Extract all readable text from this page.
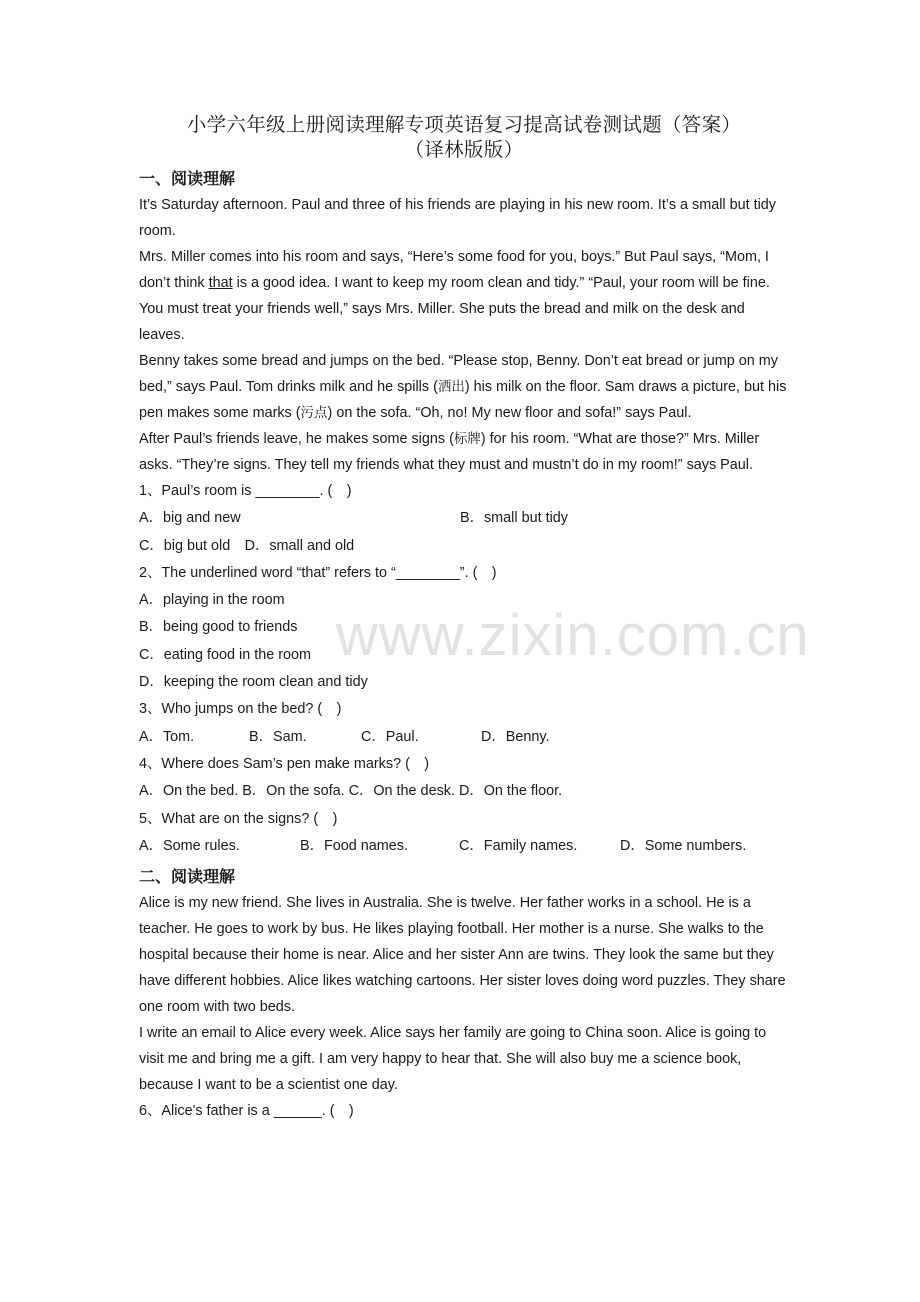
www.zixin.com.cn
小学六年级上册阅读理解专项英语复习提高试卷测试题（答案）
（译林版版）
一、阅读理解

It’s Saturday afternoon. Paul and three of his friends are playing in his new room. It’s a small but tidy room.

Mrs. Miller comes into his room and says, “Here’s some food for you, boys.” But Paul says, “Mom, I don’t think that is a good idea. I want to keep my room clean and tidy.” “Paul, your room will be fine. You must treat your friends well,” says Mrs. Miller. She puts the bread and milk on the desk and leaves.

Benny takes some bread and jumps on the bed. “Please stop, Benny. Don’t eat bread or jump on my bed,” says Paul. Tom drinks milk and he spills (洒出) his milk on the floor. Sam draws a picture, but his pen makes some marks (污点) on the sofa. “Oh, no! My new floor and sofa!” says Paul.

After Paul’s friends leave, he makes some signs (标牌) for his room. “What are those?” Mrs. Miller asks. “They’re signs. They tell my friends what they must and mustn’t do in my room!” says Paul.

1、Paul’s room is ________. (　)

A．big and new	B．small but tidy

C．big but old　D．small and old

2、The underlined word “that” refers to “________”. (　)

A．playing in the room

B．being good to friends

C．eating food in the room

D．keeping the room clean and tidy

3、Who jumps on the bed? (　)

A．Tom.	B．Sam.	C．Paul.	D．Benny.

4、Where does Sam’s pen make marks? (　)

A．On the bed. B．On the sofa. C．On the desk. D．On the floor.

5、What are on the signs? (　)

A．Some rules.	B．Food names.	C．Family names.	D．Some numbers.
二、阅读理解

Alice is my new friend. She lives in Australia. She is twelve. Her father works in a school. He is a teacher. He goes to work by bus. He likes playing football. Her mother is a nurse. She walks to the hospital because their home is near. Alice and her sister Ann are twins. They look the same but they have different hobbies. Alice likes watching cartoons. Her sister loves doing word puzzles. They share one room with two beds.

I write an email to Alice every week. Alice says her family are going to China soon. Alice is going to visit me and bring me a gift. I am very happy to hear that. She will also buy me a science book, because I want to be a scientist one day.

6、Alice's father is a ______. (　)
